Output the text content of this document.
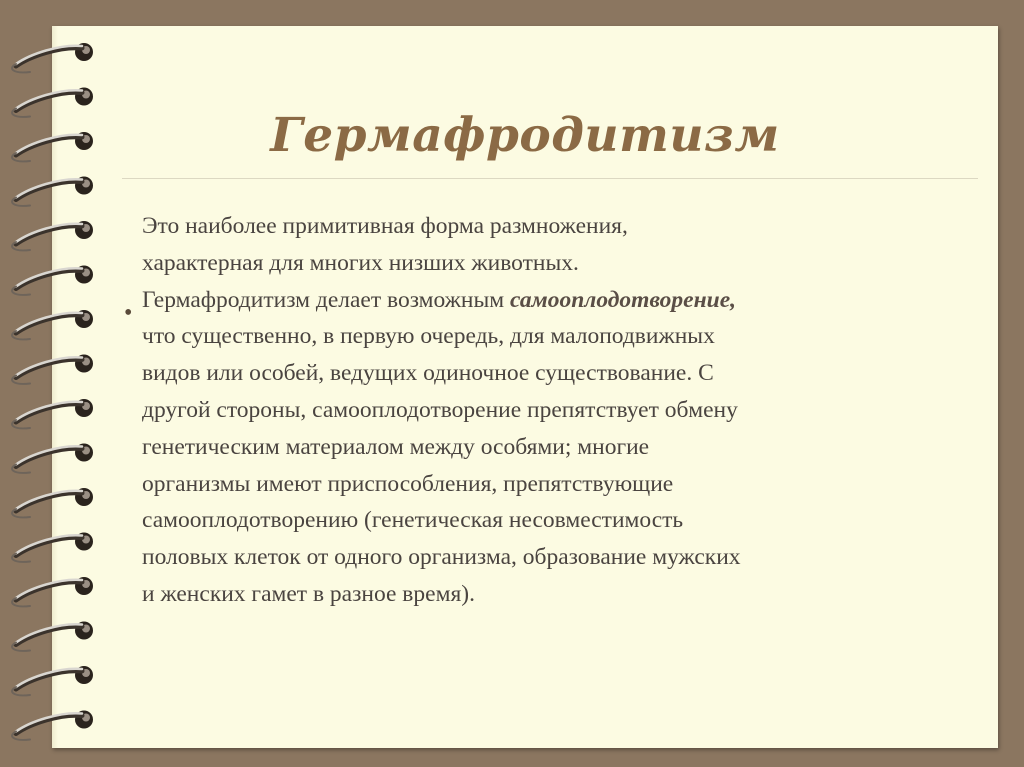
Гермафродитизм
•

Это наиболее примитивная форма размножения,
характерная для многих низших животных.
Гермафродитизм делает возможным самооплодотворение,
что существенно, в первую очередь, для малоподвижных
видов или особей, ведущих одиночное существование. С
другой стороны, самооплодотворение препятствует обмену
генетическим материалом между особями; многие
организмы имеют приспособления, препятствующие
самооплодотворению (генетическая несовместимость
половых клеток от одного организма, образование мужских
и женских гамет в разное время).
